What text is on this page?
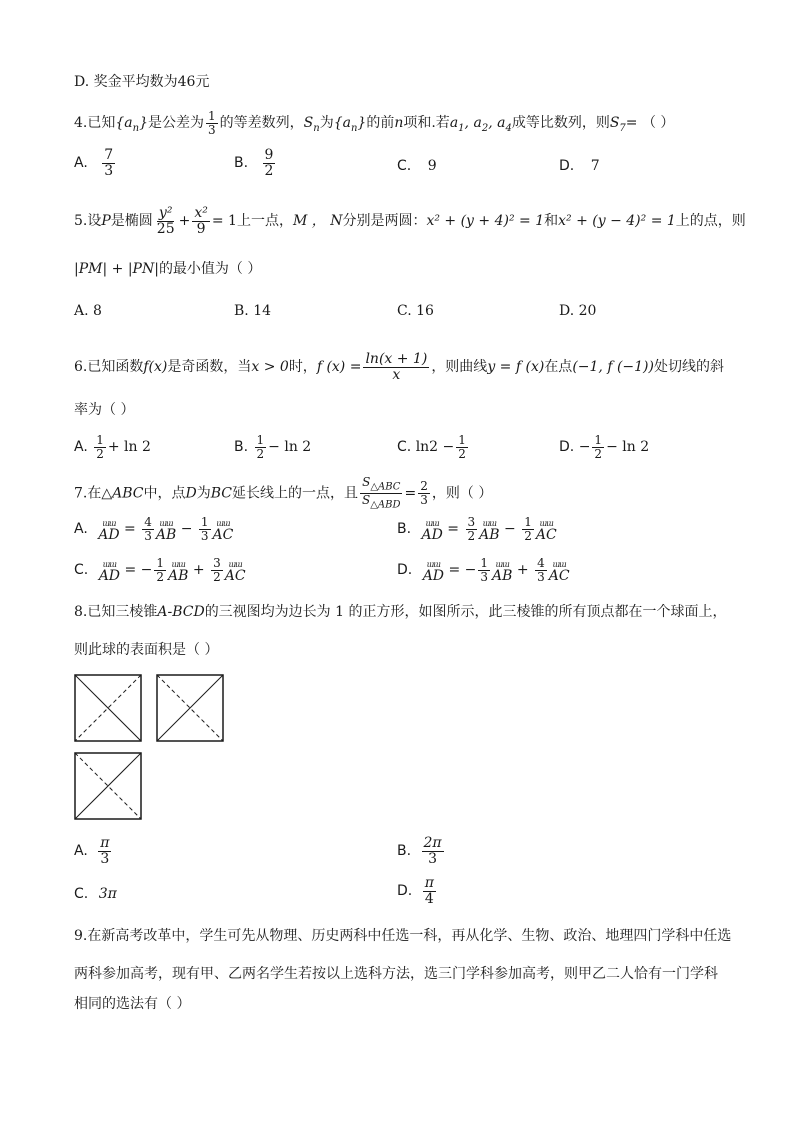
D. 奖金平均数为46元
4.已知$\{a_n\}$是公差为 $\frac{1}{3}$ 的等差数列，$S_n$为$\{a_n\}$的前n项和.若$a_1$, $a_2$, $a_4$成等比数列，则$S_7=$ （ ）
A. $\frac{7}{3}$	B. $\frac{9}{2}$	C. 9	D. 7
5.设P是椭圆 $\frac{\text{y²}}{25} + \frac{\text{x²}}{9} = 1$上一点，M ， N分别是两圆：x² + (y + 4)² = 1和x² + (y − 4)² = 1上的点，则
|PM| + |PN|的最小值为（ ）
A. 8	B. 14	C. 16	D. 20
6.已知函数f(x)是奇函数，当x > 0时，f $(x) = \frac{\ln(x + 1)}{x}$ ，则曲线y = f (x)在点(−1, f (−1))处切线的斜
率为（ ）
A. $\frac{1}{2} + \ln 2$	B. $\frac{1}{2} - \ln 2$	C. $\ln 2 - \frac{1}{2}$	D. − $\frac{1}{2} - \ln 2$
7.在△ABC中，点D为BC延长线上的一点，且 $\frac{S_{\triangle ABC}}{S_{\triangle ABD}} = \frac{2}{3}$ ，则（ ）
A. ɯɯ
AD = $\frac{4}{3}$ ɯɯ
AB − $\frac{1}{3}$ ɯɯ
AC	B. ɯɯ
AD = $\frac{3}{2}$ ɯɯ
AB − $\frac{1}{2}$ ɯɯ
AC
C. ɯɯ
AD = − $\frac{1}{2}$ ɯɯ
AB + $\frac{3}{2}$ ɯɯ
AC	D. ɯɯ
AD = − $\frac{1}{3}$ ɯɯ
AB + $\frac{4}{3}$ ɯɯ
AC
8.已知三棱锥A-BCD的三视图均为边长为 1 的正方形，如图所示，此三棱锥的所有顶点都在一个球面上，
则此球的表面积是（ ）
A. $\frac{\pi}{3}$	B. $\frac{2\pi}{3}$
C. 3π	D. $\frac{\pi}{4}$
9.在新高考改革中，学生可先从物理、历史两科中任选一科，再从化学、生物、政治、地理四门学科中任选
两科参加高考，现有甲、乙两名学生若按以上选科方法，选三门学科参加高考，则甲乙二人恰有一门学科
相同的选法有（ ）
